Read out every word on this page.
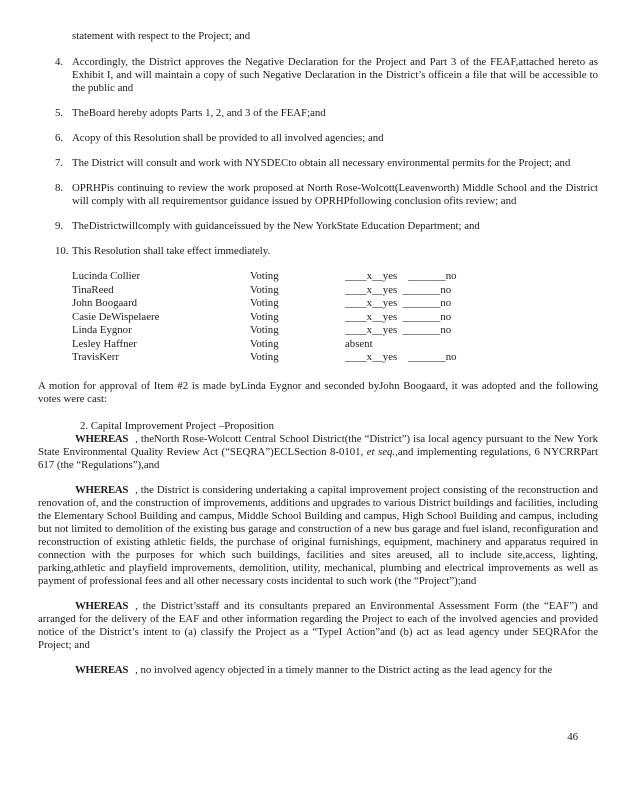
statement with respect to the Project; and
4. Accordingly, the District approves the Negative Declaration for the Project and Part 3 of the FEAF,attached hereto as Exhibit I, and will maintain a copy of such Negative Declaration in the District’s officein a file that will be accessible to the public and
5. TheBoard hereby adopts Parts 1, 2, and 3 of the FEAF;and
6. Acopy of this Resolution shall be provided to all involved agencies; and
7. The District will consult and work with NYSDECto obtain all necessary environmental permits for the Project; and
8. OPRHPis continuing to review the work proposed at North Rose-Wolcott(Leavenworth) Middle School and the District will comply with all requirementsor guidance issued by OPRHPfollowing conclusion ofits review; and
9. TheDistrictwillcomply with guidanceissued by the New YorkState Education Department; and
10. This Resolution shall take effect immediately.
Lucinda Collier	Voting	____x__yes    _______no
TinaReed	Voting	____x__yes  _______no
John Boogaard	Voting	____x__yes  _______no
Casie DeWispelaere	Voting	____x__yes  _______no
Linda Eygnor	Voting	____x__yes  _______no
Lesley Haffner	Voting	absent
TravisKerr	Voting	____x__yes    _______no

A motion for approval of Item #2 is made byLinda Eygnor and seconded byJohn Boogaard, it was adopted and the following votes were cast:

2. Capital Improvement Project –Proposition

WHEREAS , theNorth Rose-Wolcott Central School District(the “District”) isa local agency pursuant to the New York State Environmental Quality Review Act (“SEQRA”)ECLSection 8-0101, et seq.,and implementing regulations, 6 NYCRRPart 617 (the “Regulations”),and

WHEREAS , the District is considering undertaking a capital improvement project consisting of the reconstruction and renovation of, and the construction of improvements, additions and upgrades to various District buildings and facilities, including the Elementary School Building and campus, Middle School Building and campus, High School Building and campus, including but not limited to demolition of the existing bus garage and construction of a new bus garage and fuel island, reconfiguration and reconstruction of existing athletic fields, the purchase of original furnishings, equipment, machinery and apparatus required in connection with the purposes for which such buildings, facilities and sites areused, all to include site,access, lighting, parking,athletic and playfield improvements, demolition, utility, mechanical, plumbing and electrical improvements as well as payment of professional fees and all other necessary costs incidental to such work (the “Project”);and

WHEREAS , the District’sstaff and its consultants prepared an Environmental Assessment Form (the “EAF”) and arranged for the delivery of the EAF and other information regarding the Project to each of the involved agencies and provided notice of the District’s intent to (a) classify the Project as a “TypeI Action”and (b) act as lead agency under SEQRAfor the Project; and

WHEREAS , no involved agency objected in a timely manner to the District acting as the lead agency for the

46
